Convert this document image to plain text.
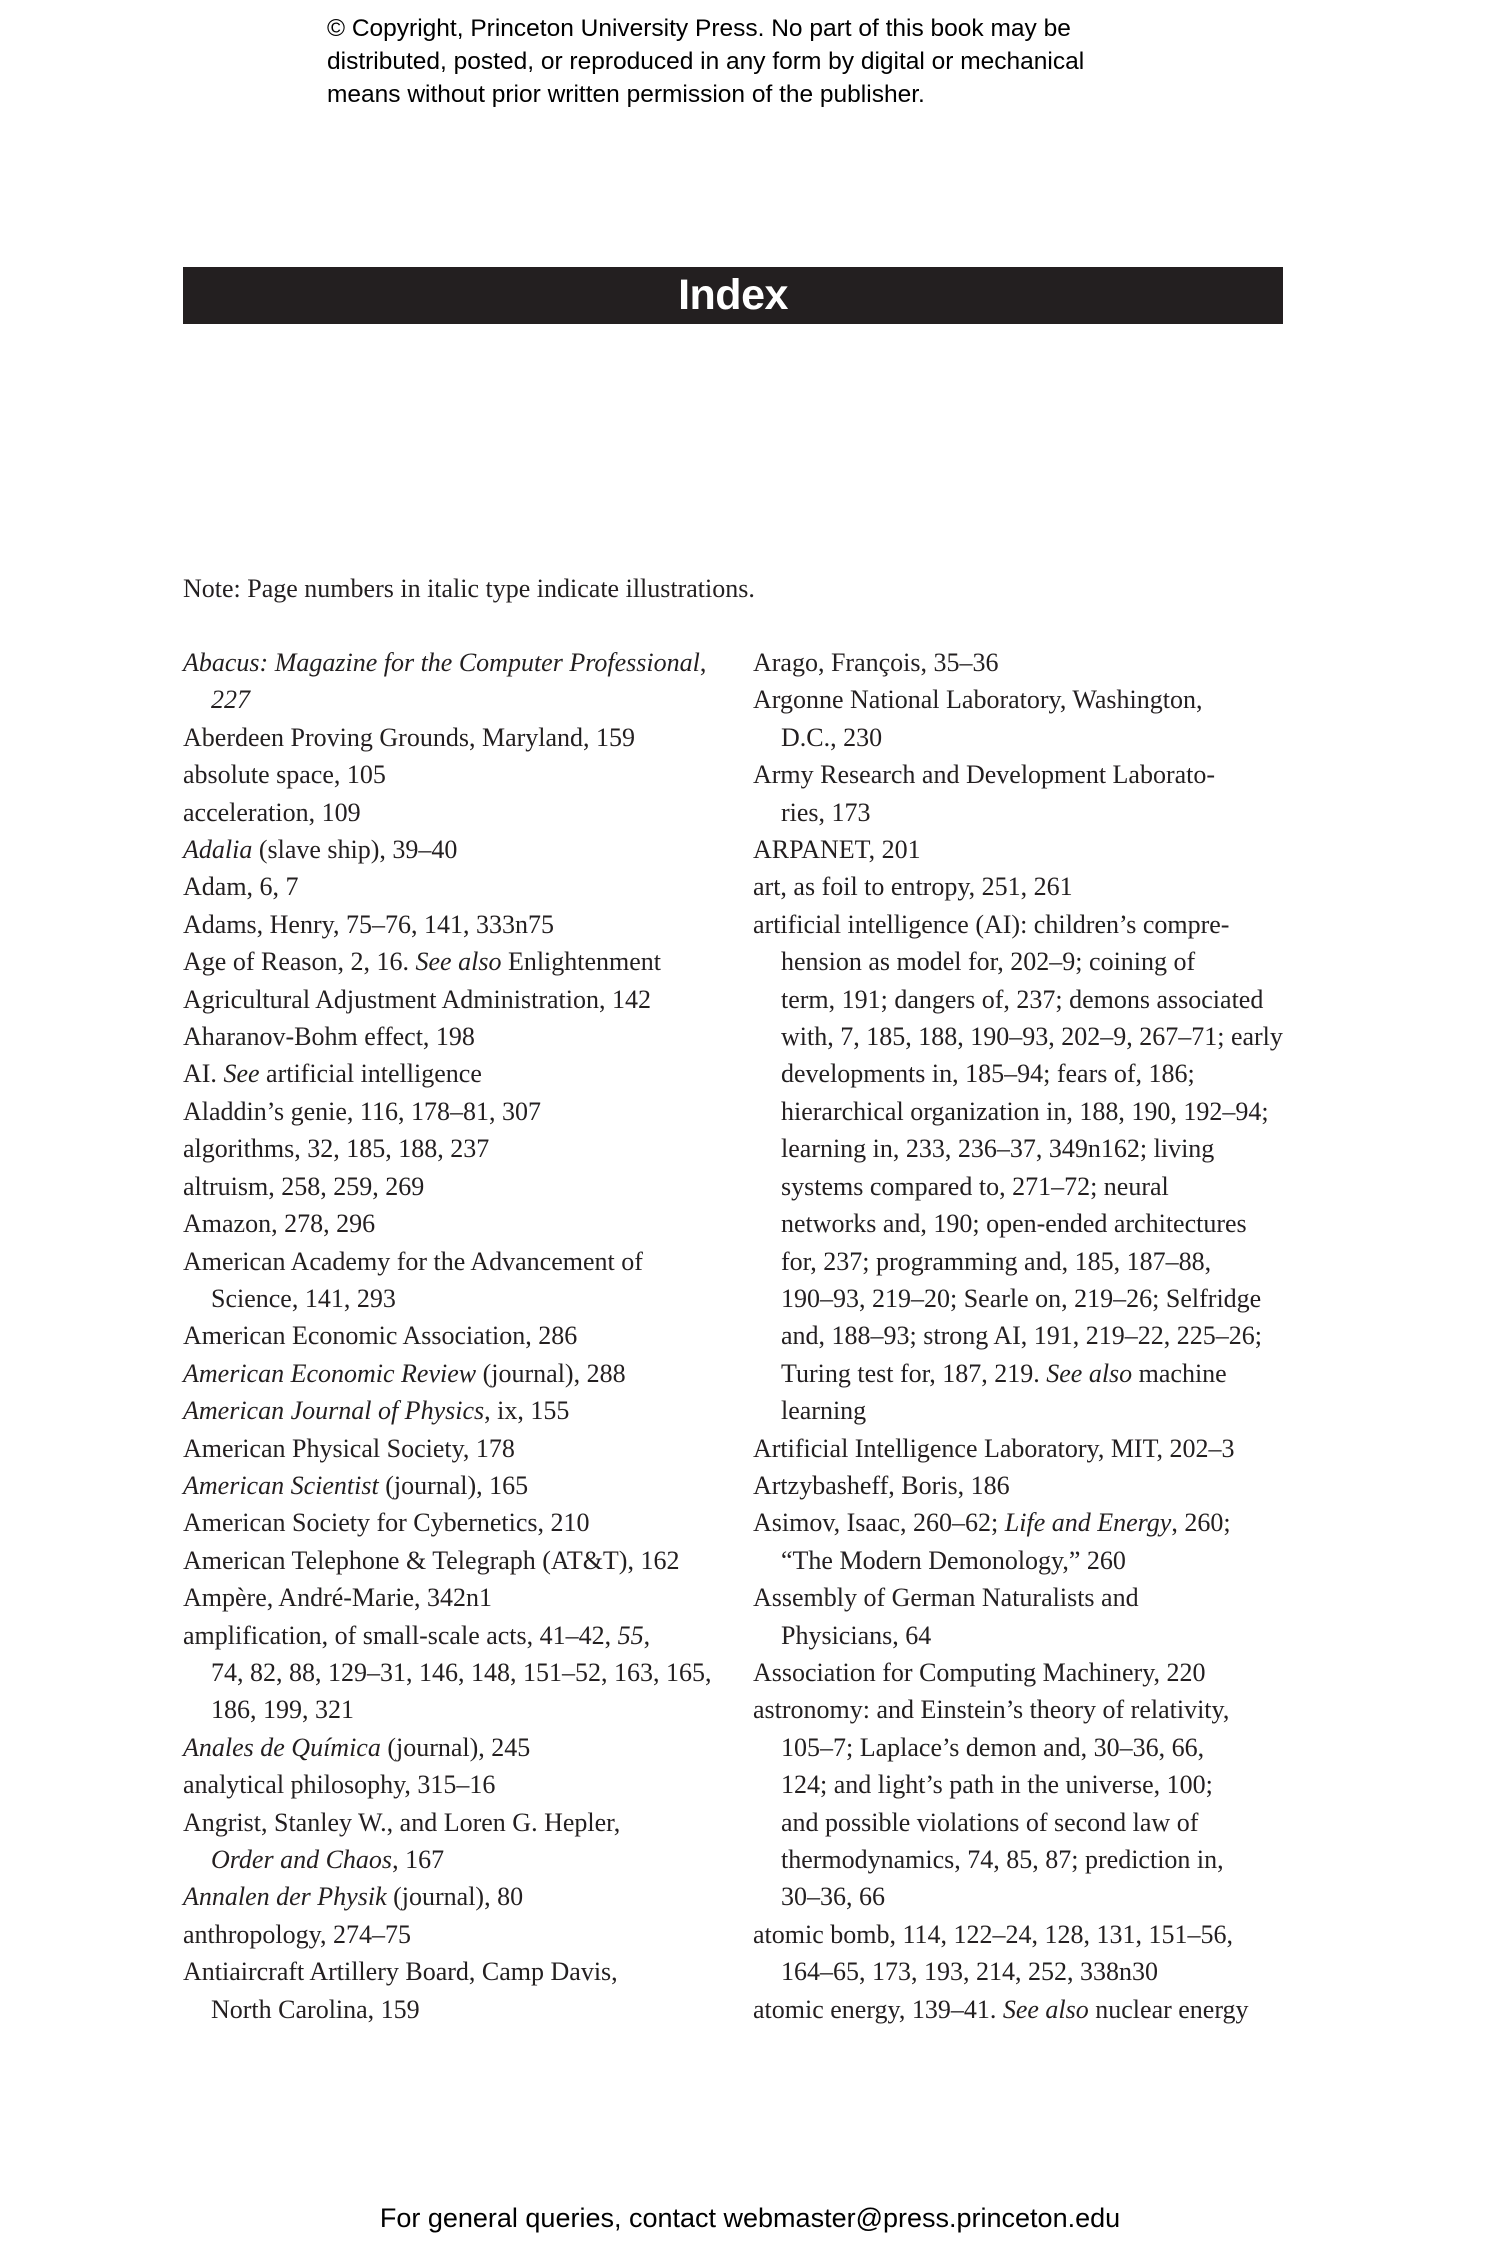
© Copyright, Princeton University Press. No part of this book may be
distributed, posted, or reproduced in any form by digital or mechanical
means without prior written permission of the publisher.
Index

Note: Page numbers in italic type indicate illustrations.

Abacus: Magazine for the Computer Professional,
227
Aberdeen Proving Grounds, Maryland, 159
absolute space, 105
acceleration, 109
Adalia (slave ship), 39–40
Adam, 6, 7
Adams, Henry, 75–76, 141, 333n75
Age of Reason, 2, 16. See also Enlightenment
Agricultural Adjustment Administration, 142
Aharanov-Bohm effect, 198
AI. See artificial intelligence
Aladdin’s genie, 116, 178–81, 307
algorithms, 32, 185, 188, 237
altruism, 258, 259, 269
Amazon, 278, 296
American Academy for the Advancement of
Science, 141, 293
American Economic Association, 286
American Economic Review (journal), 288
American Journal of Physics, ix, 155
American Physical Society, 178
American Scientist (journal), 165
American Society for Cybernetics, 210
American Telephone & Telegraph (AT&T), 162
Ampère, André-Marie, 342n1
amplification, of small-scale acts, 41–42, 55,
74, 82, 88, 129–31, 146, 148, 151–52, 163, 165,
186, 199, 321
Anales de Química (journal), 245
analytical philosophy, 315–16
Angrist, Stanley W., and Loren G. Hepler,
Order and Chaos, 167
Annalen der Physik (journal), 80
anthropology, 274–75
Antiaircraft Artillery Board, Camp Davis,
North Carolina, 159
Arago, François, 35–36
Argonne National Laboratory, Washington,
D.C., 230
Army Research and Development Laborato-
ries, 173
ARPANET, 201
art, as foil to entropy, 251, 261
artificial intelligence (AI): children’s compre-
hension as model for, 202–9; coining of
term, 191; dangers of, 237; demons associated
with, 7, 185, 188, 190–93, 202–9, 267–71; early
developments in, 185–94; fears of, 186;
hierarchical organization in, 188, 190, 192–94;
learning in, 233, 236–37, 349n162; living
systems compared to, 271–72; neural
networks and, 190; open-ended architectures
for, 237; programming and, 185, 187–88,
190–93, 219–20; Searle on, 219–26; Selfridge
and, 188–93; strong AI, 191, 219–22, 225–26;
Turing test for, 187, 219. See also machine
learning
Artificial Intelligence Laboratory, MIT, 202–3
Artzybasheff, Boris, 186
Asimov, Isaac, 260–62; Life and Energy, 260;
“The Modern Demonology,” 260
Assembly of German Naturalists and
Physicians, 64
Association for Computing Machinery, 220
astronomy: and Einstein’s theory of relativity,
105–7; Laplace’s demon and, 30–36, 66,
124; and light’s path in the universe, 100;
and possible violations of second law of
thermodynamics, 74, 85, 87; prediction in,
30–36, 66
atomic bomb, 114, 122–24, 128, 131, 151–56,
164–65, 173, 193, 214, 252, 338n30
atomic energy, 139–41. See also nuclear energy

For general queries, contact webmaster@press.princeton.edu
